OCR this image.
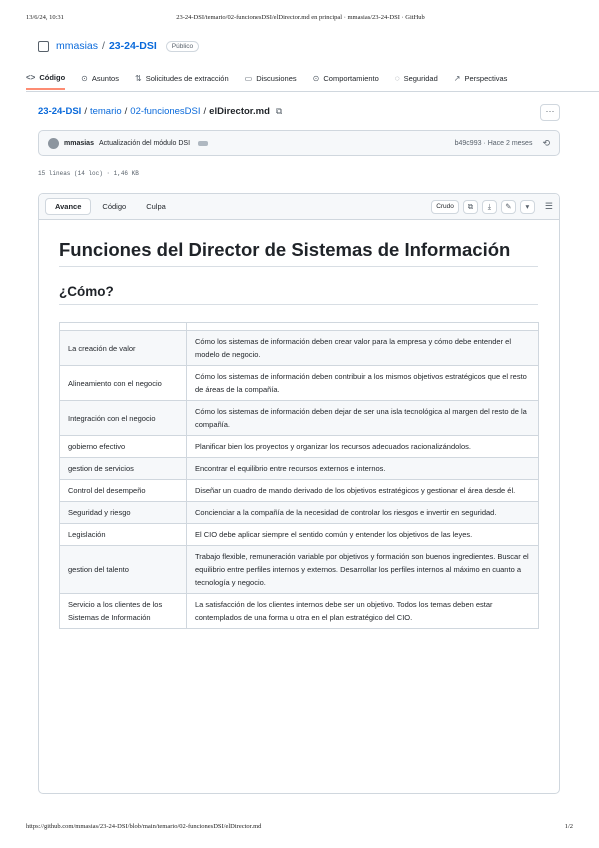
13/6/24, 10:31	23-24-DSI/temario/02-funcionesDSI/elDirector.md en principal · mmasias/23-24-DSI · GitHub
mmasias / 23-24-DSI	Público
<> Código ⊙ Asuntos ⇅ Solicitudes de extracción ▭ Discusiones ⊙ Comportamiento ◌ Seguridad ↗ Perspectivas
23-24-DSI / temario / 02-funcionesDSI / elDirector.md ⧉	···
mmasias Actualización del módulo DSI	b49c993 · Hace 2 meses ⟲
15 líneas (14 loc) · 1,46 KB
Avance	Código	Culpa	Crudo	⧉	⤓	✎	▾	☰
Funciones del Director de Sistemas de Información
¿Cómo?

La creación de valor	Cómo los sistemas de información deben crear valor para la empresa y cómo debe entender el modelo de negocio.
Alineamiento con el negocio	Cómo los sistemas de información deben contribuir a los mismos objetivos estratégicos que el resto de áreas de la compañía.
Integración con el negocio	Cómo los sistemas de información deben dejar de ser una isla tecnológica al margen del resto de la compañía.
gobierno efectivo	Planificar bien los proyectos y organizar los recursos adecuados racionalizándolos.
gestion de servicios	Encontrar el equilibrio entre recursos externos e internos.
Control del desempeño	Diseñar un cuadro de mando derivado de los objetivos estratégicos y gestionar el área desde él.
Seguridad y riesgo	Concienciar a la compañía de la necesidad de controlar los riesgos e invertir en seguridad.
Legislación	El CIO debe aplicar siempre el sentido común y entender los objetivos de las leyes.
gestion del talento	Trabajo flexible, remuneración variable por objetivos y formación son buenos ingredientes. Buscar el equilibrio entre perfiles internos y externos. Desarrollar los perfiles internos al máximo en cuanto a tecnología y negocio.
Servicio a los clientes de los Sistemas de Información	La satisfacción de los clientes internos debe ser un objetivo. Todos los temas deben estar contemplados de una forma u otra en el plan estratégico del CIO.
https://github.com/mmasias/23-24-DSI/blob/main/temario/02-funcionesDSI/elDirector.md	1/2
